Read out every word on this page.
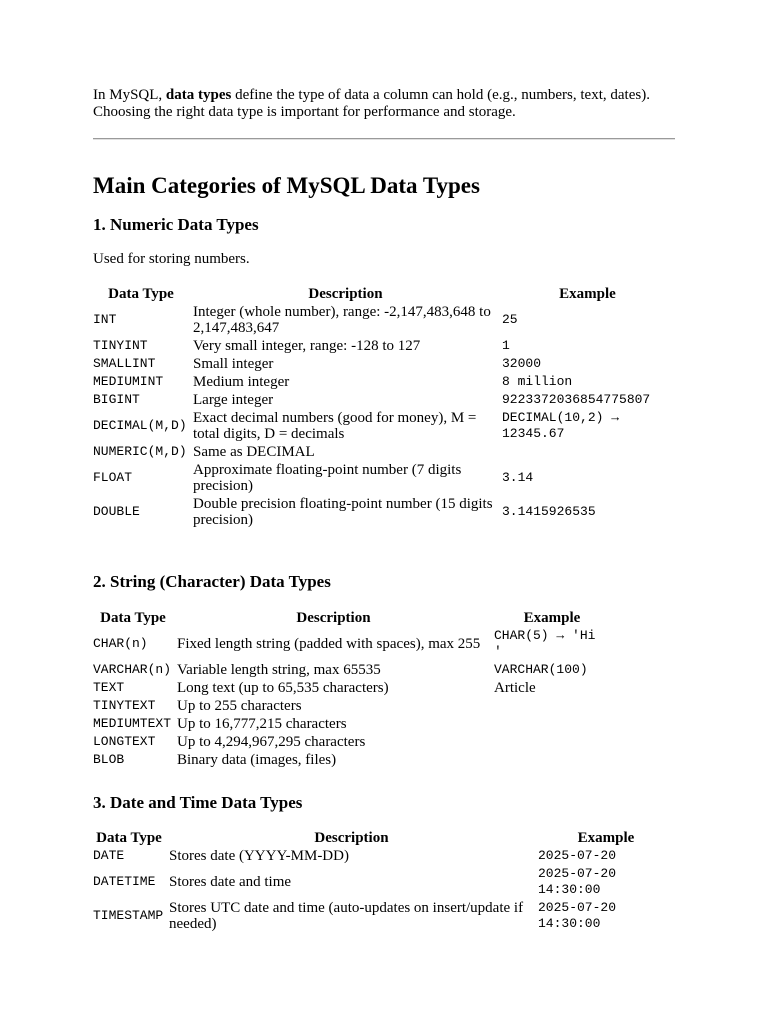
In MySQL, data types define the type of data a column can hold (e.g., numbers, text, dates). Choosing the right data type is important for performance and storage.

Main Categories of MySQL Data Types
1. Numeric Data Types

Used for storing numbers.

Data Type	Description	Example
INT	Integer (whole number), range: -2,147,483,648 to 2,147,483,647	25
TINYINT	Very small integer, range: -128 to 127	1
SMALLINT	Small integer	32000
MEDIUMINT	Medium integer	8 million
BIGINT	Large integer	9223372036854775807
DECIMAL(M,D)	Exact decimal numbers (good for money), M = total digits, D = decimals	DECIMAL(10,2) → 12345.67
NUMERIC(M,D)	Same as DECIMAL	
FLOAT	Approximate floating-point number (7 digits precision)	3.14
DOUBLE	Double precision floating-point number (15 digits precision)	3.1415926535
2. String (Character) Data Types
Data Type	Description	Example
CHAR(n)	Fixed length string (padded with spaces), max 255	CHAR(5) → 'Hi '
VARCHAR(n)	Variable length string, max 65535	VARCHAR(100)
TEXT	Long text (up to 65,535 characters)	Article
TINYTEXT	Up to 255 characters	
MEDIUMTEXT	Up to 16,777,215 characters	
LONGTEXT	Up to 4,294,967,295 characters	
BLOB	Binary data (images, files)	
3. Date and Time Data Types
Data Type	Description	Example
DATE	Stores date (YYYY-MM-DD)	2025-07-20
DATETIME	Stores date and time	2025-07-20 14:30:00
TIMESTAMP	Stores UTC date and time (auto-updates on insert/update if needed)	2025-07-20 14:30:00
